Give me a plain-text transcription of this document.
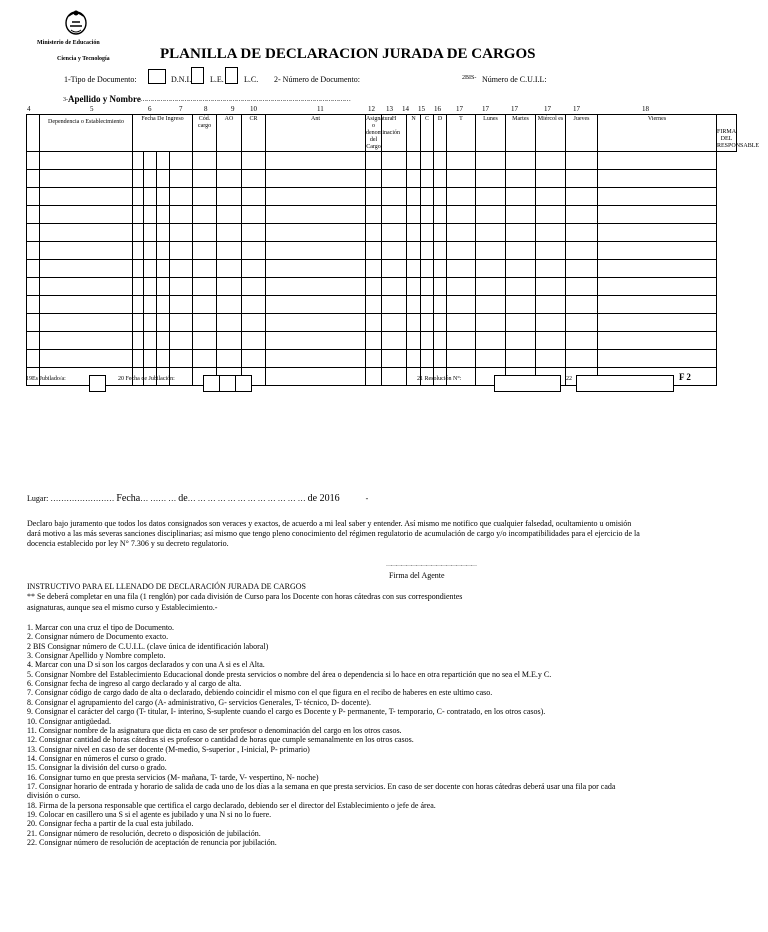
Ministerio de Educación
Ciencia y Tecnología	PLANILLA DE DECLARACION JURADA DE CARGOS
1-Tipo de Documento:	D.N.I. L.E.	L.C. 2- Número de Documento:	2BIS- Número de C.U.I.L:
3- Apellido y Nombre ……………………………………………………………………………………………
4	5	6	7	8	9 10	11	12 13 14 15 16 17	17	17	17	17	18
	Dependencia o Establecimiento	Fecha De Ingreso				Cód. cargo	AO	CR	Ant	Asignatura o denominación del Cargo	H	N	C	D	T	Lunes	Martes	Miércol es	Jueves	Viernes	FIRMA DEL RESPONSABLE

19Es Jubilado/a:	20 Fecha de Jubilación:	21 Resolución N°:	22	F 2
Lugar: …………………… Fecha… …… … de… … … … … … … … … … … … de 2016	-
Declaro bajo juramento que todos los datos consignados son veraces y exactos, de acuerdo a mi leal saber y entender. Así mismo me notifico que cualquier falsedad, ocultamiento u omisión
dará motivo a las más severas sanciones disciplinarias; así mismo que tengo pleno conocimiento del régimen regulatorio de acumulación de cargo y/o incompatibilidades para el ejercicio de la
docencia establecido por ley N° 7.306 y su decreto regulatorio.
………………………………………………
Firma del Agente
INSTRUCTIVO PARA EL LLENADO DE DECLARACIÓN JURADA DE CARGOS
** Se deberá completar en una fila (1 renglón) por cada división de Curso para los Docente con horas cátedras con sus correspondientes
asignaturas, aunque sea el mismo curso y Establecimiento.-
1. Marcar con una cruz el tipo de Documento.
2. Consignar número de Documento exacto.
2 BIS Consignar número de C.U.I.L. (clave única de identificación laboral)
3. Consignar Apellido y Nombre completo.
4. Marcar con una D si son los cargos declarados y con una A si es el Alta.
5. Consignar Nombre del Establecimiento Educacional donde presta servicios o nombre del área o dependencia si lo hace en otra repartición que no sea el M.E.y C.
6. Consignar fecha de ingreso al cargo declarado y al cargo de alta.
7. Consignar código de cargo dado de alta o declarado, debiendo coincidir el mismo con el que figura en el recibo de haberes en este ultimo caso.
8. Consignar el agrupamiento del cargo (A- administrativo, G- servicios Generales, T- técnico, D- docente).
9. Consignar el carácter del cargo (T- titular, I- interino, S-suplente cuando el cargo es Docente y P- permanente, T- temporario, C- contratado, en los otros casos).
10. Consignar antigüedad.
11. Consignar nombre de la asignatura que dicta en caso de ser profesor o denominación del cargo en los otros casos.
12. Consignar cantidad de horas cátedras si es profesor o cantidad de horas que cumple semanalmente en los otros casos.
13. Consignar nivel en caso de ser docente (M-medio, S-superior , I-inicial, P- primario)
14. Consignar en números el curso o grado.
15. Consignar la división del curso o grado.
16. Consignar turno en que presta servicios (M- mañana, T- tarde, V- vespertino, N- noche)
17. Consignar horario de entrada y horario de salida de cada uno de los días a la semana en que presta servicios. En caso de ser docente con horas cátedras deberá usar una fila por cada
división o curso.
18. Firma de la persona responsable que certifica el cargo declarado, debiendo ser el director del Establecimiento o jefe de área.
19. Colocar en casillero una S si el agente es jubilado y una N si no lo fuere.
20. Consignar fecha a partir de la cual esta jubilado.
21. Consignar número de resolución, decreto o disposición de jubilación.
22. Consignar número de resolución de aceptación de renuncia por jubilación.
